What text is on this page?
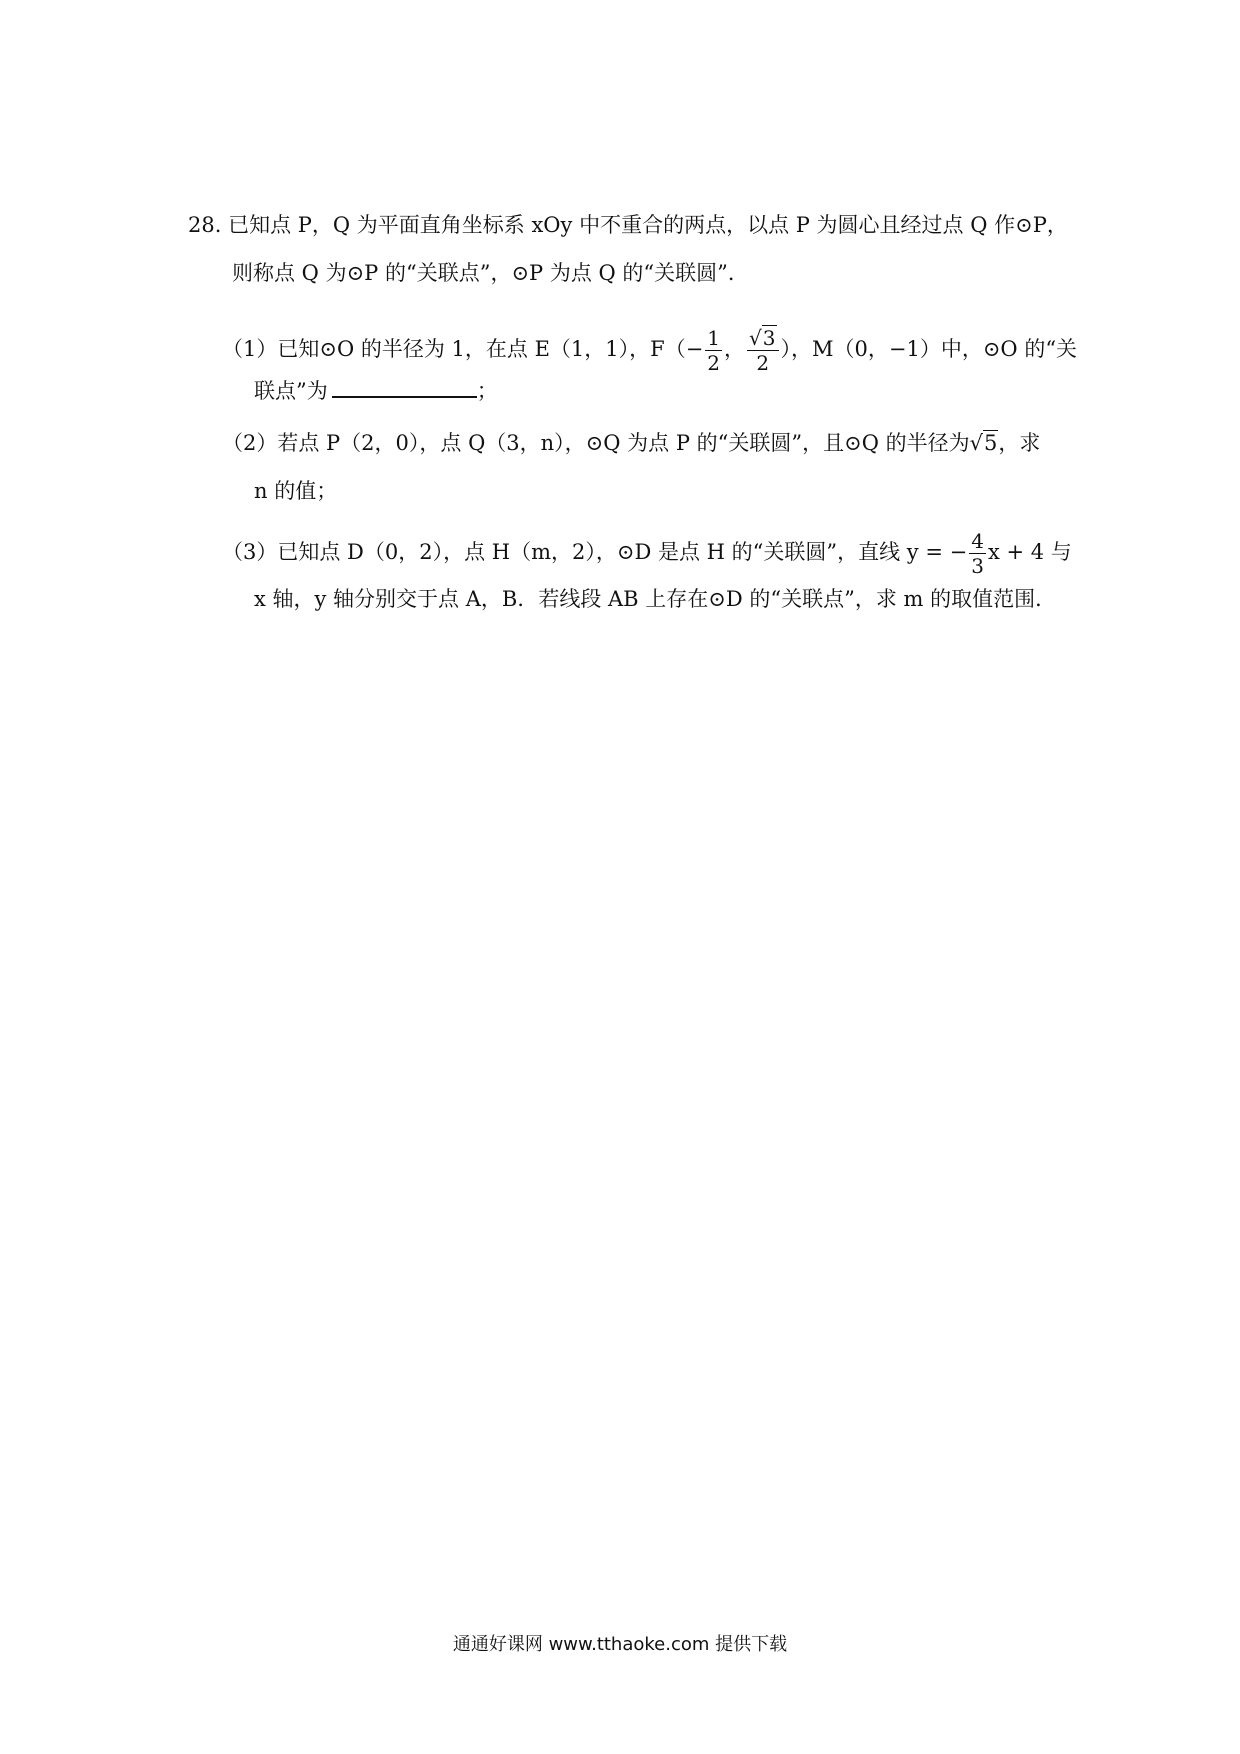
28. 已知点 P，Q 为平面直角坐标系 xOy 中不重合的两点，以点 P 为圆心且经过点 Q 作⊙P，
则称点 Q 为⊙P 的“关联点”，⊙P 为点 Q 的“关联圆”．
（1）已知⊙O 的半径为 1，在点 E（1，1），$F(- \frac{1}{2}$ ， $\frac{√3}{2}$ ），M（0，−1）中，⊙O 的“关
联点”为	；
（2）若点 P（2，0），点 Q（3，n），⊙Q 为点 P 的“关联圆”，且⊙Q 的半径为√5，求
n 的值；
（3）已知点 D（0，2），点 H（m，2），⊙D 是点 H 的“关联圆”，直线 y = − $\frac{4}{3}$ x + 4 与
x 轴，y 轴分别交于点 A，B．若线段 AB 上存在⊙D 的“关联点”，求 m 的取值范围．
通通好课网 www.tthaoke.com 提供下载
